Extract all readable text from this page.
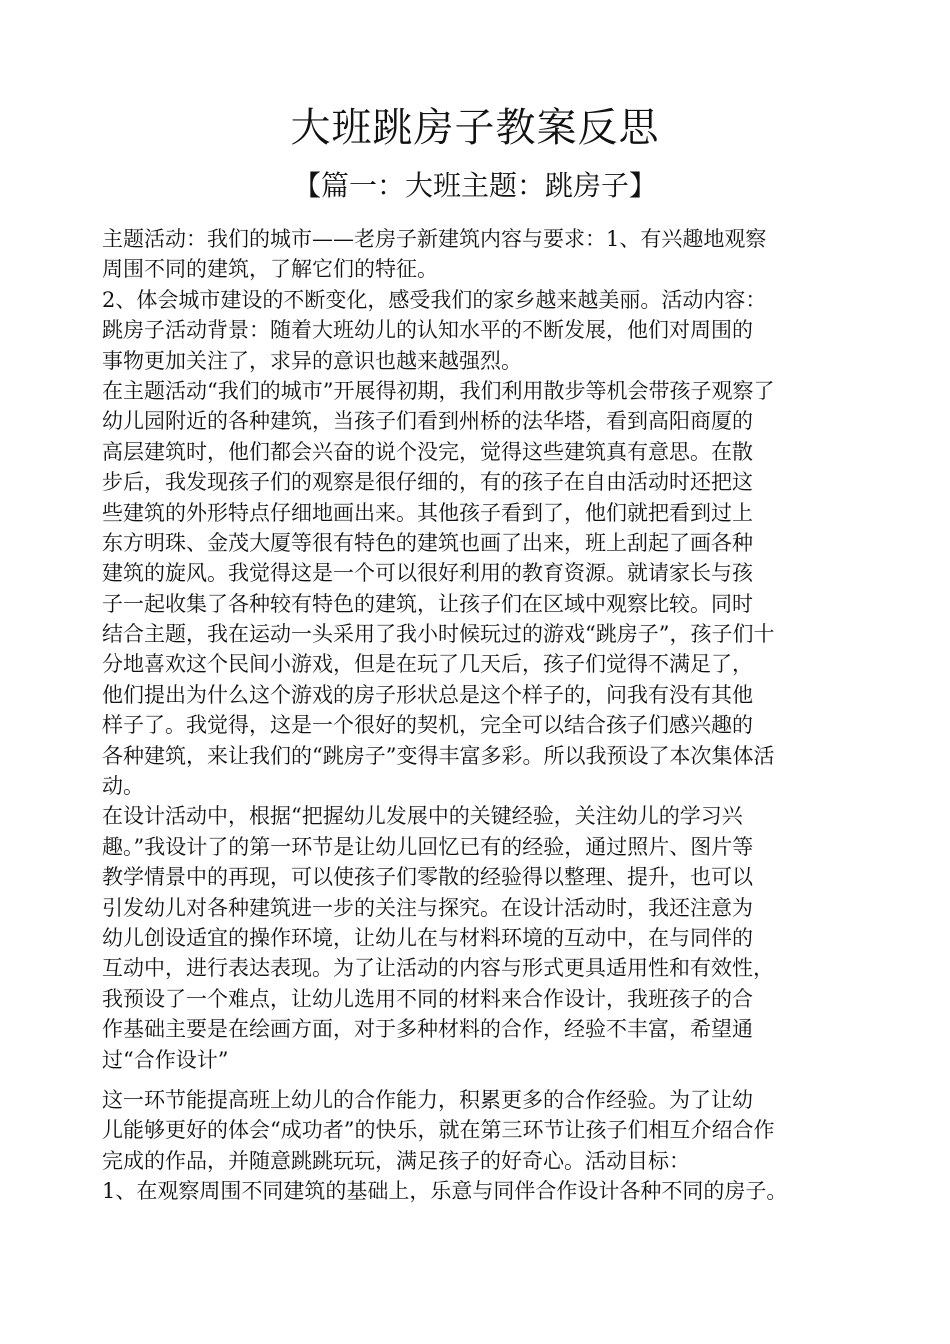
大班跳房子教案反思
【篇一：大班主题：跳房子】
主题活动：我们的城市——老房子新建筑内容与要求：1、有兴趣地观察
周围不同的建筑，了解它们的特征。
2、体会城市建设的不断变化，感受我们的家乡越来越美丽。活动内容：
跳房子活动背景：随着大班幼儿的认知水平的不断发展，他们对周围的
事物更加关注了，求异的意识也越来越强烈。
在主题活动“我们的城市”开展得初期，我们利用散步等机会带孩子观察了
幼儿园附近的各种建筑，当孩子们看到州桥的法华塔，看到高阳商厦的
高层建筑时，他们都会兴奋的说个没完，觉得这些建筑真有意思。在散
步后，我发现孩子们的观察是很仔细的，有的孩子在自由活动时还把这
些建筑的外形特点仔细地画出来。其他孩子看到了，他们就把看到过上
东方明珠、金茂大厦等很有特色的建筑也画了出来，班上刮起了画各种
建筑的旋风。我觉得这是一个可以很好利用的教育资源。就请家长与孩
子一起收集了各种较有特色的建筑，让孩子们在区域中观察比较。同时
结合主题，我在运动一头采用了我小时候玩过的游戏“跳房子”，孩子们十
分地喜欢这个民间小游戏，但是在玩了几天后，孩子们觉得不满足了，
他们提出为什么这个游戏的房子形状总是这个样子的，问我有没有其他
样子了。我觉得，这是一个很好的契机，完全可以结合孩子们感兴趣的
各种建筑，来让我们的“跳房子”变得丰富多彩。所以我预设了本次集体活
动。
在设计活动中，根据“把握幼儿发展中的关键经验，关注幼儿的学习兴
趣。”我设计了的第一环节是让幼儿回忆已有的经验，通过照片、图片等
教学情景中的再现，可以使孩子们零散的经验得以整理、提升，也可以
引发幼儿对各种建筑进一步的关注与探究。在设计活动时，我还注意为
幼儿创设适宜的操作环境，让幼儿在与材料环境的互动中，在与同伴的
互动中，进行表达表现。为了让活动的内容与形式更具适用性和有效性，
我预设了一个难点，让幼儿选用不同的材料来合作设计，我班孩子的合
作基础主要是在绘画方面，对于多种材料的合作，经验不丰富，希望通
过“合作设计”
这一环节能提高班上幼儿的合作能力，积累更多的合作经验。为了让幼
儿能够更好的体会“成功者”的快乐，就在第三环节让孩子们相互介绍合作
完成的作品，并随意跳跳玩玩，满足孩子的好奇心。活动目标：
1、在观察周围不同建筑的基础上，乐意与同伴合作设计各种不同的房子。
